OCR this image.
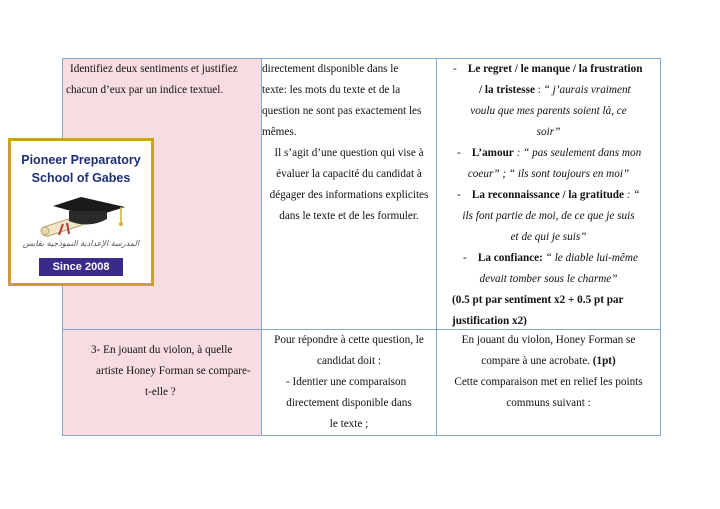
Identifiez deux sentiments et justifiez
chacun d’eux par un indice textuel.
directement disponible dans le
texte: les mots du texte et de la
question ne sont pas exactement les
mêmes.
Il s’agit d’une question qui vise à
évaluer la capacité du candidat à
dégager des informations explicites
dans le texte et de les formuler.
- Le regret / le manque / la frustration
/ la tristesse : “ j’aurais vraiment
voulu que mes parents soient là, ce
soir”
- L’amour : “ pas seulement dans mon
coeur” ; “ ils sont toujours en moi”
- La reconnaissance / la gratitude : “
ils font partie de moi, de ce que je suis
et de qui je suis”
- La confiance: “ le diable lui-même
devait tomber sous le charme”
(0.5 pt par sentiment x2 + 0.5 pt par
justification x2)
3- En jouant du violon, à quelle
artiste Honey Forman se compare-
t-elle ?
Pour répondre à cette question, le
candidat doit :
- Identier une comparaison
directement disponible dans
le texte ;
En jouant du violon, Honey Forman se
compare à une acrobate. (1pt)
Cette comparaison met en relief les points
communs suivant :
Pioneer Preparatory
School of Gabes
المدرسة الإعدادية النموذجية بقابس
Since 2008
